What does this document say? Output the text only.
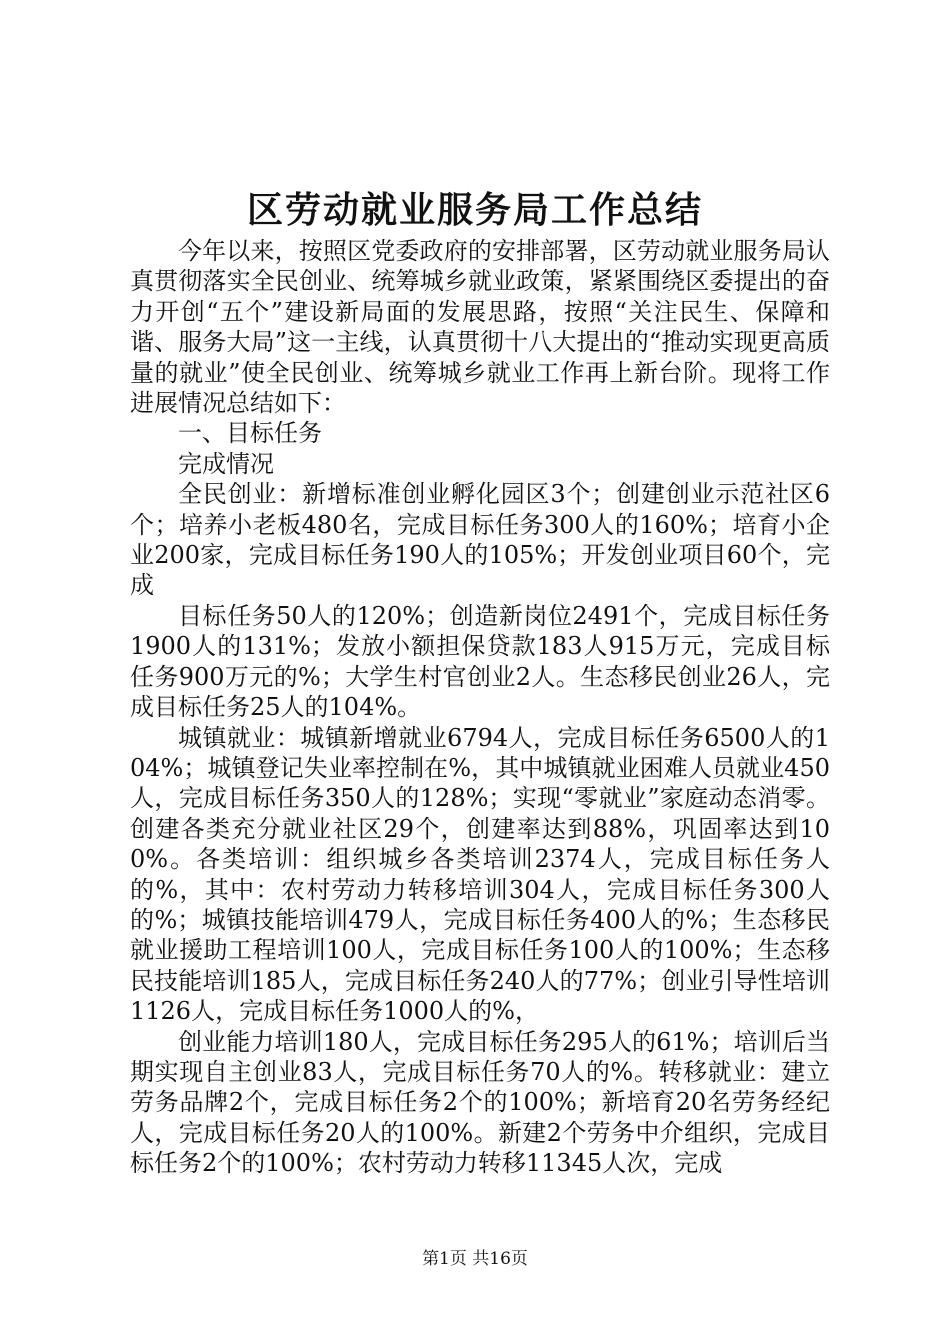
区劳动就业服务局工作总结

今年以来，按照区党委政府的安排部署，区劳动就业服务局认真贯彻落实全民创业、统筹城乡就业政策，紧紧围绕区委提出的奋力开创“五个”建设新局面的发展思路，按照“关注民生、保障和谐、服务大局”这一主线，认真贯彻十八大提出的“推动实现更高质量的就业”使全民创业、统筹城乡就业工作再上新台阶。现将工作进展情况总结如下：

一、目标任务

完成情况

全民创业：新增标准创业孵化园区3个；创建创业示范社区6个；培养小老板480名，完成目标任务300人的160%；培育小企业200家，完成目标任务190人的105%；开发创业项目60个，完成

目标任务50人的120%；创造新岗位2491个，完成目标任务1900人的131%；发放小额担保贷款183人915万元，完成目标任务900万元的%；大学生村官创业2人。生态移民创业26人，完成目标任务25人的104%。

城镇就业：城镇新增就业6794人，完成目标任务6500人的104%；城镇登记失业率控制在%，其中城镇就业困难人员就业450人，完成目标任务350人的128%；实现“零就业”家庭动态消零。创建各类充分就业社区29个，创建率达到88%，巩固率达到100%。各类培训：组织城乡各类培训2374人，完成目标任务人的%，其中：农村劳动力转移培训304人，完成目标任务300人的%；城镇技能培训479人，完成目标任务400人的%；生态移民就业援助工程培训100人，完成目标任务100人的100%；生态移民技能培训185人，完成目标任务240人的77%；创业引导性培训1126人，完成目标任务1000人的%，

创业能力培训180人，完成目标任务295人的61%；培训后当期实现自主创业83人，完成目标任务70人的%。转移就业：建立劳务品牌2个，完成目标任务2个的100%；新培育20名劳务经纪人，完成目标任务20人的100%。新建2个劳务中介组织，完成目标任务2个的100%；农村劳动力转移11345人次，完成

第1页 共16页
